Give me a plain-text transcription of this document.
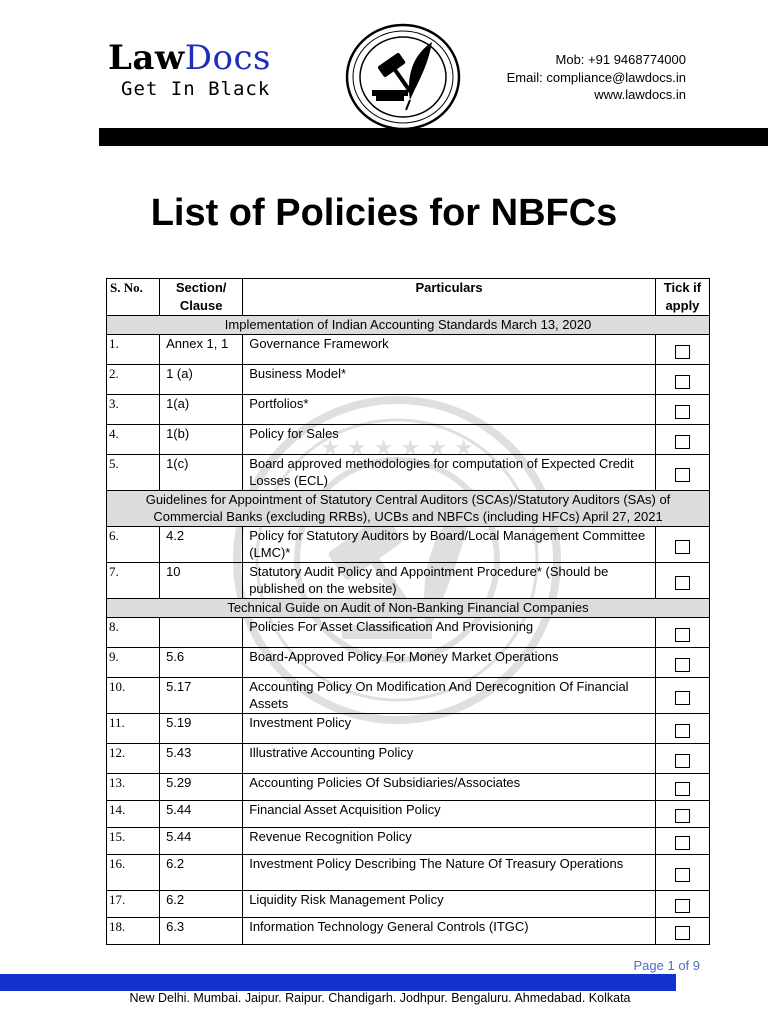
LawDocs
Get In Black
Mob: +91 9468774000
Email: compliance@lawdocs.in
www.lawdocs.in
List of Policies for NBFCs
★ ★ ★ ★ ★ ★
S. No.	Section/ Clause	Particulars	Tick if apply
Implementation of Indian Accounting Standards March 13, 2020			
1.	Annex 1, 1	Governance Framework	
2.	1 (a)	Business Model*	
3.	1(a)	Portfolios*	
4.	1(b)	Policy for Sales	
5.	1(c)	Board approved methodologies for computation of Expected Credit Losses (ECL)	
Guidelines for Appointment of Statutory Central Auditors (SCAs)/Statutory Auditors (SAs) of Commercial Banks (excluding RRBs), UCBs and NBFCs (including HFCs) April 27, 2021			
6.	4.2	Policy for Statutory Auditors by Board/Local Management Committee (LMC)*	
7.	10	Statutory Audit Policy and Appointment Procedure* (Should be published on the website)	
Technical Guide on Audit of Non-Banking Financial Companies			
8.		Policies For Asset Classification And Provisioning	
9.	5.6	Board-Approved Policy For Money Market Operations	
10.	5.17	Accounting Policy On Modification And Derecognition Of Financial Assets	
11.	5.19	Investment Policy	
12.	5.43	Illustrative Accounting Policy	
13.	5.29	Accounting Policies Of Subsidiaries/Associates	
14.	5.44	Financial Asset Acquisition Policy	
15.	5.44	Revenue Recognition Policy	
16.	6.2	Investment Policy Describing The Nature Of Treasury Operations	
17.	6.2	Liquidity Risk Management Policy	
18.	6.3	Information Technology General Controls (ITGC)	
Page 1 of 9
New Delhi. Mumbai. Jaipur. Raipur. Chandigarh. Jodhpur. Bengaluru. Ahmedabad. Kolkata
